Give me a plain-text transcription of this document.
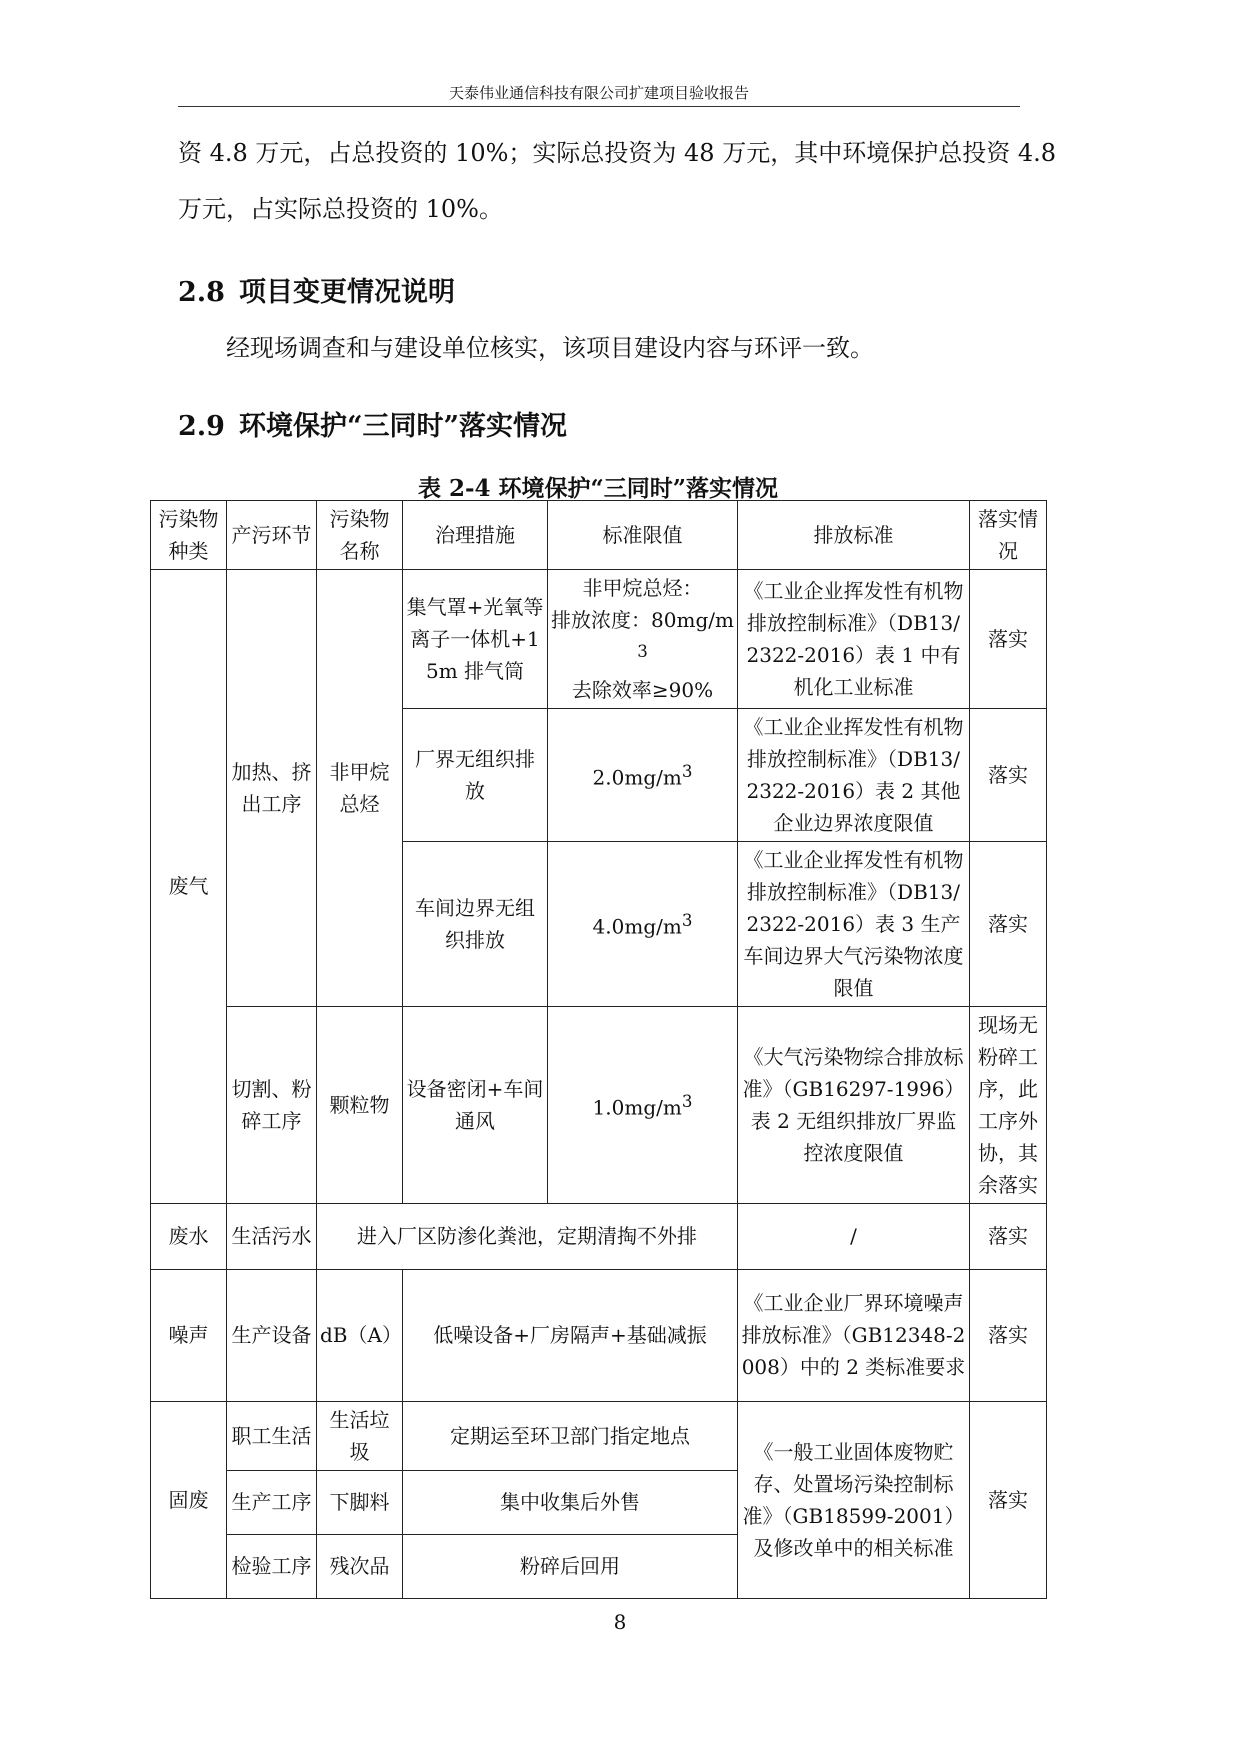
天泰伟业通信科技有限公司扩建项目验收报告
资 4.8 万元，占总投资的 10%；实际总投资为 48 万元，其中环境保护总投资 4.8
万元，占实际总投资的 10%。
2.8 项目变更情况说明
经现场调查和与建设单位核实，该项目建设内容与环评一致。
2.9 环境保护“三同时”落实情况
表 2-4 环境保护“三同时”落实情况
污染物种类	产污环节	污染物名称	治理措施	标准限值	排放标准	落实情况
废气	加热、挤出工序	非甲烷总烃	集气罩+光氧等离子一体机+15m 排气筒	非甲烷总烃：
排放浓度：$80mg/m^3$
去除效率≥90%	《工业企业挥发性有机物排放控制标准》（DB13/2322-2016）表 1 中有机化工业标准	落实
			厂界无组织排放	$2.0mg/m^3$	《工业企业挥发性有机物排放控制标准》（DB13/2322-2016）表 2 其他企业边界浓度限值	落实
			车间边界无组织排放	$4.0mg/m^3$	《工业企业挥发性有机物排放控制标准》（DB13/2322-2016）表 3 生产车间边界大气污染物浓度限值	落实
	切割、粉碎工序	颗粒物	设备密闭+车间通风	$1.0mg/m^3$	《大气污染物综合排放标准》（GB16297-1996）表 2 无组织排放厂界监控浓度限值	现场无粉碎工序，此工序外协，其余落实
废水	生活污水	进入厂区防渗化粪池，定期清掏不外排			/	落实
噪声	生产设备	dB（A）	低噪设备+厂房隔声+基础减振		《工业企业厂界环境噪声排放标准》（GB12348-2008）中的 2 类标准要求	落实
固废	职工生活	生活垃圾	定期运至环卫部门指定地点		《一般工业固体废物贮存、处置场污染控制标准》（GB18599-2001）及修改单中的相关标准	落实
	生产工序	下脚料	集中收集后外售			
	检验工序	残次品	粉碎后回用			
8
